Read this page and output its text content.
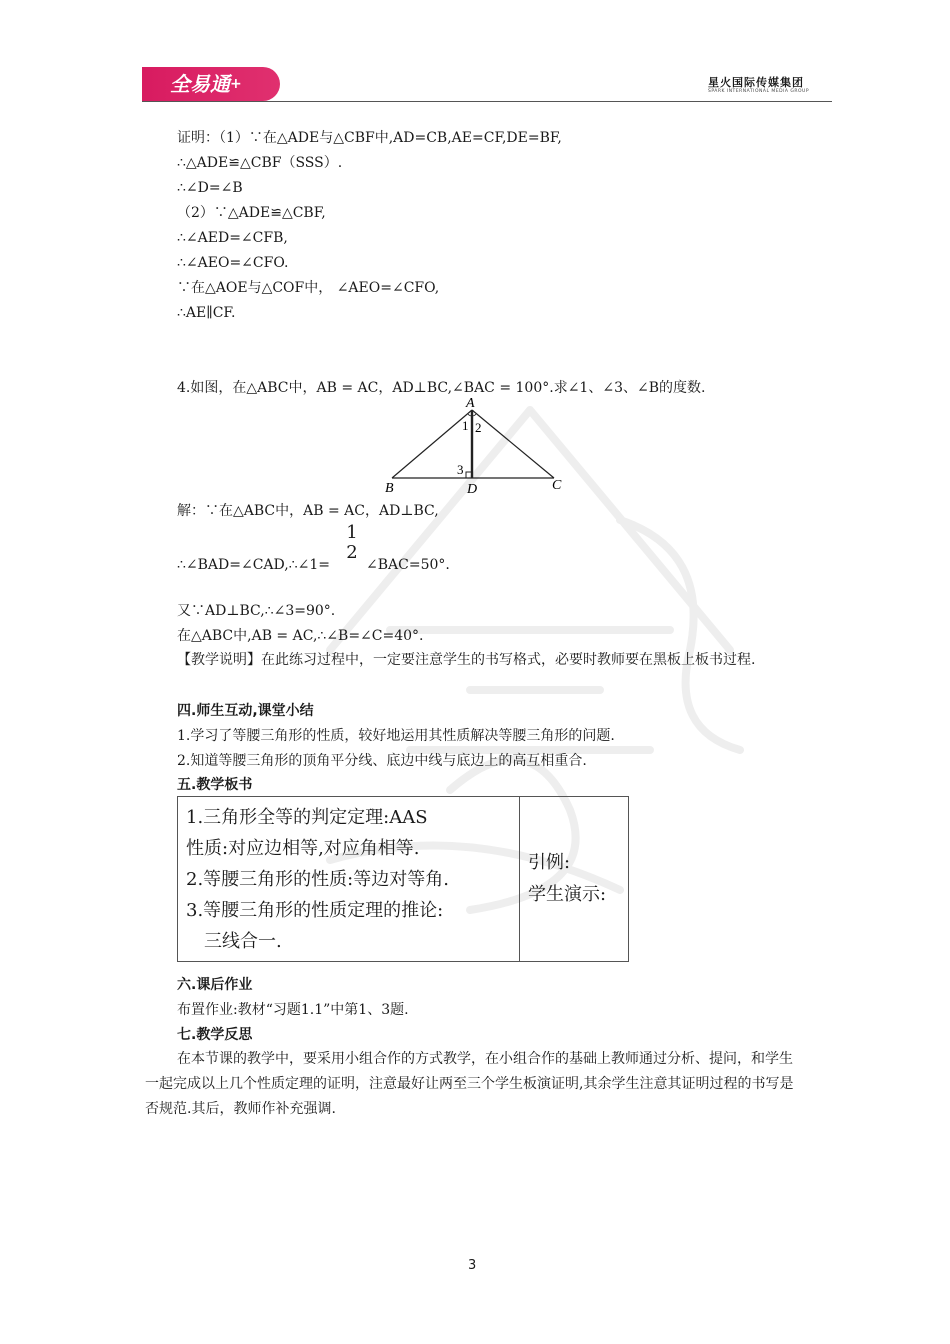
全易通+	星火国际传媒集团
SPARK INTERNATIONAL MEDIA GROUP
证明：（1）∵在△ADE与△CBF中,AD=CB,AE=CF,DE=BF,
∴△ADE≌△CBF（SSS）.
∴∠D=∠B
（2）∵△ADE≌△CBF,
∴∠AED=∠CFB,
∴∠AEO=∠CFO.
∵在△AOE与△COF中， ∠AEO=∠CFO,
∴AE∥CF.
4.如图，在△ABC中，AB = AC，AD⊥BC,∠BAC = 100°.求∠1、∠3、∠B的度数.
A
B	C
D
1 2
3
解：∵在△ABC中，AB = AC，AD⊥BC,
∴∠BAD=∠CAD,∴∠1=
1
2
∠BAC=50°.
又∵AD⊥BC,∴∠3=90°.
在△ABC中,AB = AC,∴∠B=∠C=40°.
【教学说明】在此练习过程中，一定要注意学生的书写格式，必要时教师要在黑板上板书过程.
四.师生互动,课堂小结
1.学习了等腰三角形的性质，较好地运用其性质解决等腰三角形的问题.
2.知道等腰三角形的顶角平分线、底边中线与底边上的高互相重合.
五.教学板书
1.三角形全等的判定定理:AAS
性质:对应边相等,对应角相等.
2.等腰三角形的性质:等边对等角.
3.等腰三角形的性质定理的推论:
三线合一.

引例:
学生演示:
六.课后作业
布置作业:教材“习题1.1”中第1、3题.
七.教学反思
在本节课的教学中，要采用小组合作的方式教学，在小组合作的基础上教师通过分析、提问，和学生一起完成以上几个性质定理的证明，注意最好让两至三个学生板演证明,其余学生注意其证明过程的书写是否规范.其后，教师作补充强调.
3
